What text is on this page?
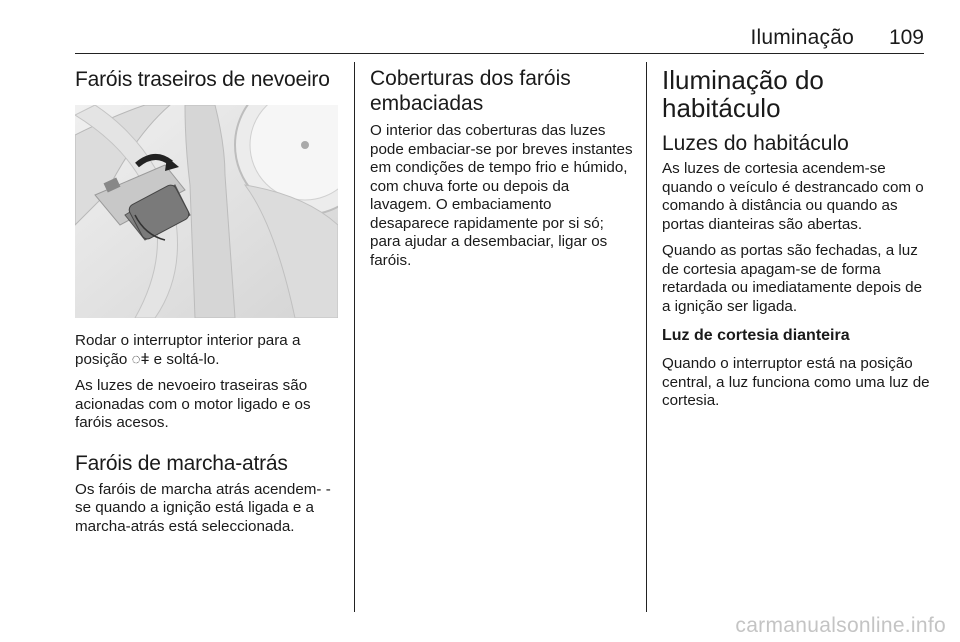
Iluminação 109
Faróis traseiros de nevoeiro

Rodar o interruptor interior para a posição ◌ǂ e soltá-lo.

As luzes de nevoeiro traseiras são acionadas com o motor ligado e os faróis acesos.

Faróis de marcha-atrás

Os faróis de marcha atrás acendem- -se quando a ignição está ligada e a marcha-atrás está seleccionada.

Coberturas dos faróis embaciadas

O interior das coberturas das luzes pode embaciar-se por breves instantes em condições de tempo frio e húmido, com chuva forte ou depois da lavagem. O embaciamento desaparece rapidamente por si só; para ajudar a desembaciar, ligar os faróis.

Iluminação do habitáculo
Luzes do habitáculo

As luzes de cortesia acendem-se quando o veículo é destrancado com o comando à distância ou quando as portas dianteiras são abertas.

Quando as portas são fechadas, a luz de cortesia apagam-se de forma retardada ou imediatamente depois de a ignição ser ligada.

Luz de cortesia dianteira

Quando o interruptor está na posição central, a luz funciona como uma luz de cortesia.

carmanualsonline.info
